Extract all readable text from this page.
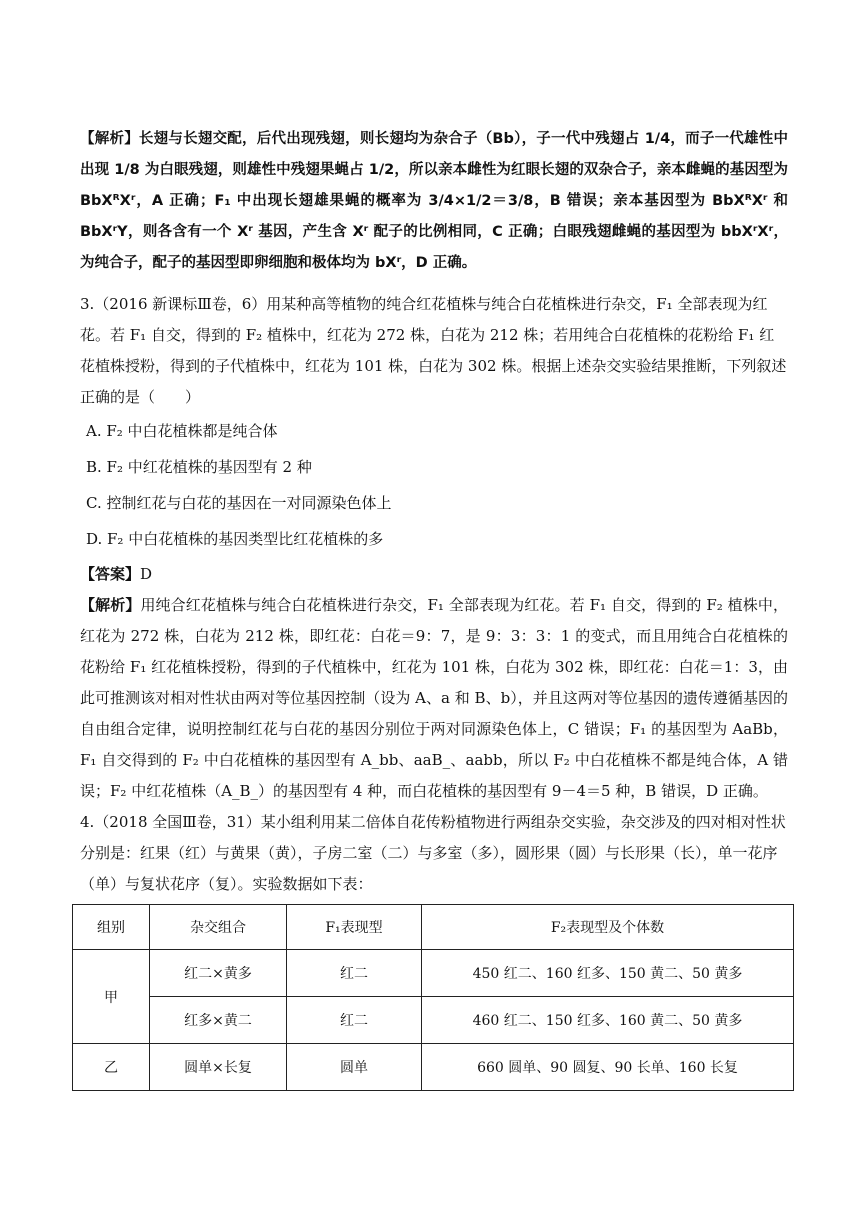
【解析】长翅与长翅交配，后代出现残翅，则长翅均为杂合子（Bb），子一代中残翅占 1/4，而子一代雄性中出现 1/8 为白眼残翅，则雄性中残翅果蝇占 1/2，所以亲本雌性为红眼长翅的双杂合子，亲本雌蝇的基因型为 BbXᴿXʳ，A 正确；F₁ 中出现长翅雄果蝇的概率为 3/4×1/2＝3/8，B 错误；亲本基因型为 BbXᴿXʳ 和 BbXʳY，则各含有一个 Xʳ 基因，产生含 Xʳ 配子的比例相同，C 正确；白眼残翅雌蝇的基因型为 bbXʳXʳ，为纯合子，配子的基因型即卵细胞和极体均为 bXʳ，D 正确。

3.（2016 新课标Ⅲ卷，6）用某种高等植物的纯合红花植株与纯合白花植株进行杂交，F₁ 全部表现为红花。若 F₁ 自交，得到的 F₂ 植株中，红花为 272 株，白花为 212 株；若用纯合白花植株的花粉给 F₁ 红花植株授粉，得到的子代植株中，红花为 101 株，白花为 302 株。根据上述杂交实验结果推断，下列叙述正确的是（　　）

A. F₂ 中白花植株都是纯合体

B. F₂ 中红花植株的基因型有 2 种

C. 控制红花与白花的基因在一对同源染色体上

D. F₂ 中白花植株的基因类型比红花植株的多

【答案】D

【解析】用纯合红花植株与纯合白花植株进行杂交，F₁ 全部表现为红花。若 F₁ 自交，得到的 F₂ 植株中，红花为 272 株，白花为 212 株，即红花：白花＝9：7，是 9：3：3：1 的变式，而且用纯合白花植株的花粉给 F₁ 红花植株授粉，得到的子代植株中，红花为 101 株，白花为 302 株，即红花：白花＝1：3，由此可推测该对相对性状由两对等位基因控制（设为 A、a 和 B、b），并且这两对等位基因的遗传遵循基因的自由组合定律，说明控制红花与白花的基因分别位于两对同源染色体上，C 错误；F₁ 的基因型为 AaBb，F₁ 自交得到的 F₂ 中白花植株的基因型有 A_bb、aaB_、aabb，所以 F₂ 中白花植株不都是纯合体，A 错误；F₂ 中红花植株（A_B_）的基因型有 4 种，而白花植株的基因型有 9－4＝5 种，B 错误，D 正确。

4.（2018 全国Ⅲ卷，31）某小组利用某二倍体自花传粉植物进行两组杂交实验，杂交涉及的四对相对性状分别是：红果（红）与黄果（黄），子房二室（二）与多室（多），圆形果（圆）与长形果（长），单一花序（单）与复状花序（复）。实验数据如下表：

组别	杂交组合	F₁表现型	F₂表现型及个体数
甲	红二×黄多	红二	450 红二、160 红多、150 黄二、50 黄多
	红多×黄二	红二	460 红二、150 红多、160 黄二、50 黄多
乙	圆单×长复	圆单	660 圆单、90 圆复、90 长单、160 长复
